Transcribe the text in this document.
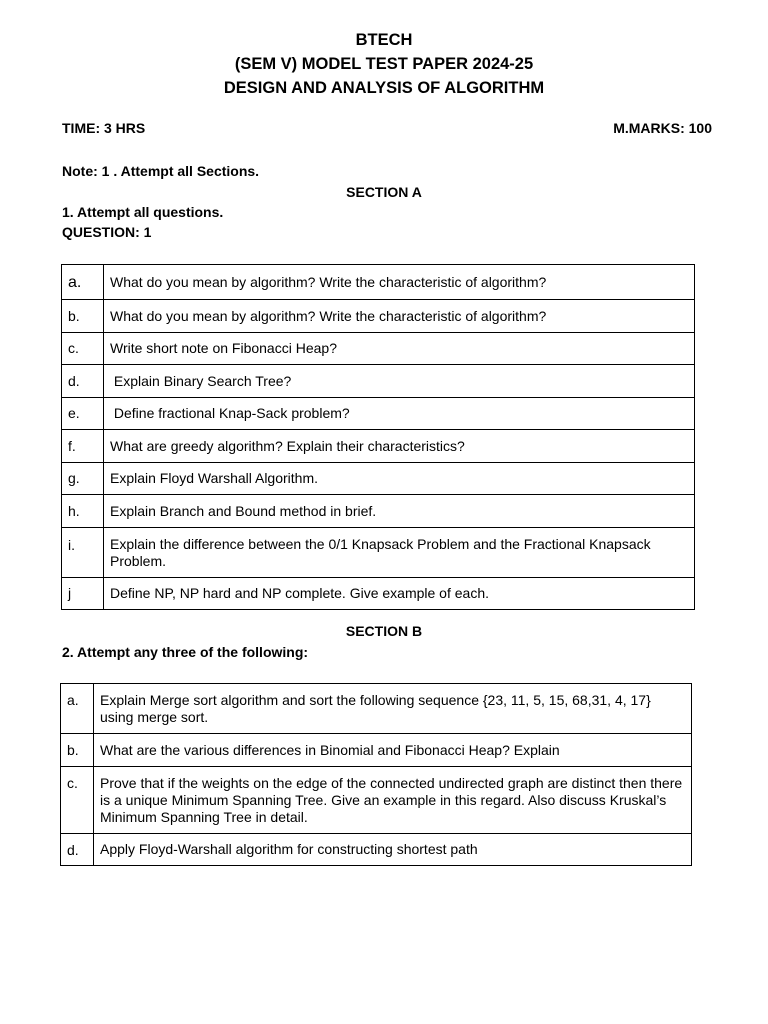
BTECH
(SEM V) MODEL TEST PAPER 2024-25
DESIGN AND ANALYSIS OF ALGORITHM
TIME: 3 HRS	M.MARKS: 100
Note: 1 . Attempt all Sections.
SECTION A
1. Attempt all questions.
QUESTION: 1
a.	What do you mean by algorithm? Write the characteristic of algorithm?
b.	What do you mean by algorithm? Write the characteristic of algorithm?
c.	Write short note on Fibonacci Heap?
d.	Explain Binary Search Tree?
e.	Define fractional Knap-Sack problem?
f.	What are greedy algorithm? Explain their characteristics?
g.	Explain Floyd Warshall Algorithm.
h.	Explain Branch and Bound method in brief.
i.	Explain the difference between the 0/1 Knapsack Problem and the Fractional Knapsack Problem.
j	Define NP, NP hard and NP complete. Give example of each.
SECTION B
2. Attempt any three of the following:
a.	Explain Merge sort algorithm and sort the following sequence {23, 11, 5, 15, 68,31, 4, 17} using merge sort.
b.	What are the various differences in Binomial and Fibonacci Heap? Explain
c.	Prove that if the weights on the edge of the connected undirected graph are distinct then there is a unique Minimum Spanning Tree. Give an example in this regard. Also discuss Kruskal’s Minimum Spanning Tree in detail.
d.	Apply Floyd-Warshall algorithm for constructing shortest path
